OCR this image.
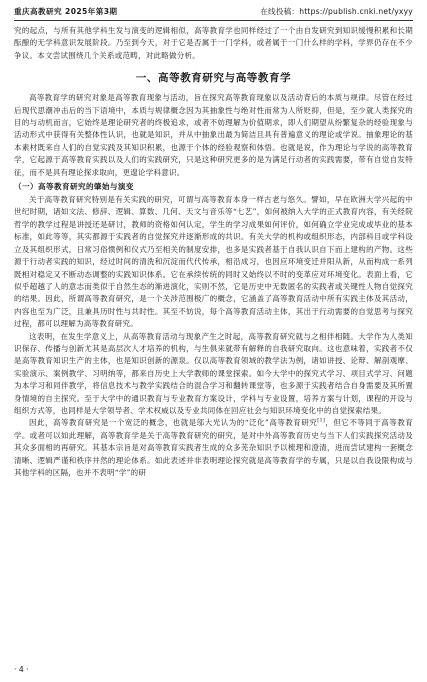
重庆高教研究 2025年第3期	在线投稿：https://publish.cnki.net/yxyy

究的起点，与所有其他学科生发与演变的逻辑相似，高等教育学也同样经过了一个由自发研究到知识缓慢积累和长期酝酿的无学科意识发展阶段。乃至到今天，对于它是否属于一门学科，或者属于一门什么样的学科，学界仍存在不少争议。本文尝试围绕几个关系或范畴，对此略做分析。

一、高等教育研究与高等教育学

高等教育学的研究对象是高等教育现象与活动，旨在探究高等教育现象以及活动背后的本质与规律。尽管在经过后现代思潮冲击后的当下语境中，本质与规律概念因为其抽象性与绝对性而常为人所贬抑，但是，至少就人类探究的目的与动机而言，它始终是理论研究者的终极追求，或者不妨理解为价值期求，即人们期望从纷繁复杂的经验现象与活动形式中获得有关整体性认识，也就是知识，并从中抽象出最为简洁且具有普遍意义的理论或学说。抽象理论的基本素材既来自人们的自觉实践及其知识积累，也源于个体的经验观察和体悟。也就是说，作为理论与学说的高等教育学，它起源于高等教育实践以及人们的实践研究，只是这种研究更多的是为满足行动者的实践需要，带有自觉自发特征，而不是具有理论探求取向，更遑论学科意识。

（一）高等教育研究的肇始与演变

关于高等教育研究特别是有关实践的研究，可谓与高等教育本身一样古老与悠久。譬如，早在欧洲大学兴起的中世纪时期，诸如文法、修辞、逻辑、算数、几何、天文与音乐等“七艺”，如何被纳入大学的正式教育内容，有关经院哲学的教学过程是讲授还是研讨，教师的资格如何认定，学生的学习成果如何评价，如何确立学业完成或毕业的基本标准，如此等等，其实都源于实践者的自觉探究并逐渐形成的共识。有关大学的机构或组织形态，内部科目或学科设立及其组织形式，日常习俗惯例和仪式乃至相关的制度安排，也多是实践者基于自我认识自下而上建构的产物。这些源于行动者实践的知识，经过时间的清洗和沉淀而代代传承，相沿成习，也因应环境变迁并阳从新，从而构成一系列既相对稳定又不断动态调整的实践知识体系。它在承续传统的同时又始终以不时的变革应对环境变化。表面上看，它似乎超越了人的意志而类似于自然生态的渐进演化，实则不然，它是历史中无数匿名的实践者或关键性人物自觉探究的结果。因此，所谓高等教育研究，是一个关涉范围极广的概念，它涵盖了高等教育活动中所有实践主体及其活动，内容也至为广泛，且兼具历时性与共时性。其至不妨说，每个高等教育活动主体，其出于行动需要的自觉思考与探究过程，都可以理解为高等教育研究。

这表明，在发生学意义上，从高等教育活动与现象产生之时起，高等教育研究就与之相伴相随。大学作为人类知识保存、传播与创新尤其是高层次人才培养的机构，与生俱来就带有解释的自我研究取向。这也意味着，实践者不仅是高等教育知识生产的主体，也是知识创新的源泉。仅以高等教育领域的教学法为例，诸如讲授、论辩、解剖观摩、实验演示、案例教学、习明纳等，都来自历史上大学教师的课堂探索。如今大学中的探究式学习、项目式学习、问题为本学习和同伴教学，将信息技术与教学实践结合的混合学习和翻转课堂等，也多源于实践者结合自身需要及其所置身情境的自主探究。至于大学中的通识教育与专业教育方案设计，学科与专业设置，培养方案与计划，课程的开设与组织方式等，也同样是大学领导者、学术权威以及专业共同体在回应社会与知识环境变化中的自觉探索结果。

因此，高等教育研究是一个宽泛的概念，也就是邬大光认为的“泛化”高等教育研究[1]，但它不等同于高等教育学。或者可以如此理解，高等教育学是关于高等教育研究的研究，是对中外高等教育历史与当下人们实践探究活动及其众多面相的再研究。其基本宗旨是对高等教育实践者生成的众多芜杂知识予以梳理和澄清，进而尝试建构一套概念清晰、逻辑严谨和秩序井然的理论体系。如此表述并非表明理论探究就是高等教育学的专属，只是以自我设限构成与其他学科的区隔，也并不表明“学”的研

· 4 ·
